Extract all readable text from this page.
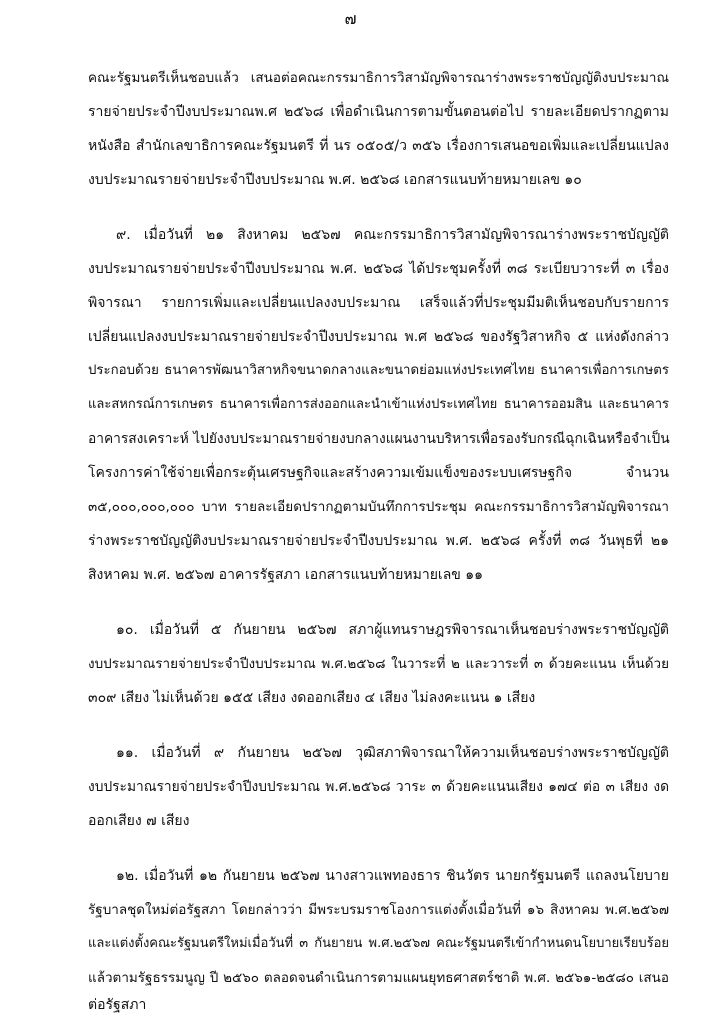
๗
คณะรัฐมนตรีเห็นชอบแล้ว เสนอต่อคณะกรรมาธิการวิสามัญพิจารณาร่างพระราชบัญญัติงบประมาณ
รายจ่ายประจำปีงบประมาณพ.ศ ๒๕๖๘ เพื่อดำเนินการตามขั้นตอนต่อไป รายละเอียดปรากฏตาม
หนังสือ สำนักเลขาธิการคณะรัฐมนตรี ที่ นร ๐๕๐๕/ว ๓๕๖ เรื่องการเสนอขอเพิ่มและเปลี่ยนแปลง
งบประมาณรายจ่ายประจำปีงบประมาณ พ.ศ. ๒๕๖๘ เอกสารแนบท้ายหมายเลข ๑๐
๙. เมื่อวันที่ ๒๑ สิงหาคม ๒๕๖๗ คณะกรรมาธิการวิสามัญพิจารณาร่างพระราชบัญญัติ
งบประมาณรายจ่ายประจำปีงบประมาณ พ.ศ. ๒๕๖๘ ได้ประชุมครั้งที่ ๓๘ ระเบียบวาระที่ ๓ เรื่อง
พิจารณา รายการเพิ่มและเปลี่ยนแปลงงบประมาณ เสร็จแล้วที่ประชุมมีมติเห็นชอบกับรายการ
เปลี่ยนแปลงงบประมาณรายจ่ายประจำปีงบประมาณ พ.ศ ๒๕๖๘ ของรัฐวิสาหกิจ ๕ แห่งดังกล่าว
ประกอบด้วย ธนาคารพัฒนาวิสาหกิจขนาดกลางและขนาดย่อมแห่งประเทศไทย ธนาคารเพื่อการเกษตร
และสหกรณ์การเกษตร ธนาคารเพื่อการส่งออกและนำเข้าแห่งประเทศไทย ธนาคารออมสิน และธนาคาร
อาคารสงเคราะห์ ไปยังงบประมาณรายจ่ายงบกลางแผนงานบริหารเพื่อรองรับกรณีฉุกเฉินหรือจำเป็น
โครงการค่าใช้จ่ายเพื่อกระตุ้นเศรษฐกิจและสร้างความเข้มแข็งของระบบเศรษฐกิจ จำนวน
๓๕,๐๐๐,๐๐๐,๐๐๐ บาท รายละเอียดปรากฏตามบันทึกการประชุม คณะกรรมาธิการวิสามัญพิจารณา
ร่างพระราชบัญญัติงบประมาณรายจ่ายประจำปีงบประมาณ พ.ศ. ๒๕๖๘ ครั้งที่ ๓๘ วันพุธที่ ๒๑
สิงหาคม พ.ศ. ๒๕๖๗ อาคารรัฐสภา เอกสารแนบท้ายหมายเลข ๑๑
๑๐. เมื่อวันที่ ๕ กันยายน ๒๕๖๗ สภาผู้แทนราษฎรพิจารณาเห็นชอบร่างพระราชบัญญัติ
งบประมาณรายจ่ายประจำปีงบประมาณ พ.ศ.๒๕๖๘ ในวาระที่ ๒ และวาระที่ ๓ ด้วยคะแนน เห็นด้วย
๓๐๙ เสียง ไม่เห็นด้วย ๑๕๕ เสียง งดออกเสียง ๔ เสียง ไม่ลงคะแนน ๑ เสียง
๑๑. เมื่อวันที่ ๙ กันยายน ๒๕๖๗ วุฒิสภาพิจารณาให้ความเห็นชอบร่างพระราชบัญญัติ
งบประมาณรายจ่ายประจำปีงบประมาณ พ.ศ.๒๕๖๘ วาระ ๓ ด้วยคะแนนเสียง ๑๗๔ ต่อ ๓ เสียง งด
ออกเสียง ๗ เสียง
๑๒. เมื่อวันที่ ๑๒ กันยายน ๒๕๖๗ นางสาวแพทองธาร ชินวัตร นายกรัฐมนตรี แถลงนโยบาย
รัฐบาลชุดใหม่ต่อรัฐสภา โดยกล่าวว่า มีพระบรมราชโองการแต่งตั้งเมื่อวันที่ ๑๖ สิงหาคม พ.ศ.๒๕๖๗
และแต่งตั้งคณะรัฐมนตรีใหม่เมื่อวันที่ ๓ กันยายน พ.ศ.๒๕๖๗ คณะรัฐมนตรีเข้ากำหนดนโยบายเรียบร้อย
แล้วตามรัฐธรรมนูญ ปี ๒๕๖๐ ตลอดจนดำเนินการตามแผนยุทธศาสตร์ชาติ พ.ศ. ๒๕๖๑-๒๕๘๐ เสนอ
ต่อรัฐสภา
